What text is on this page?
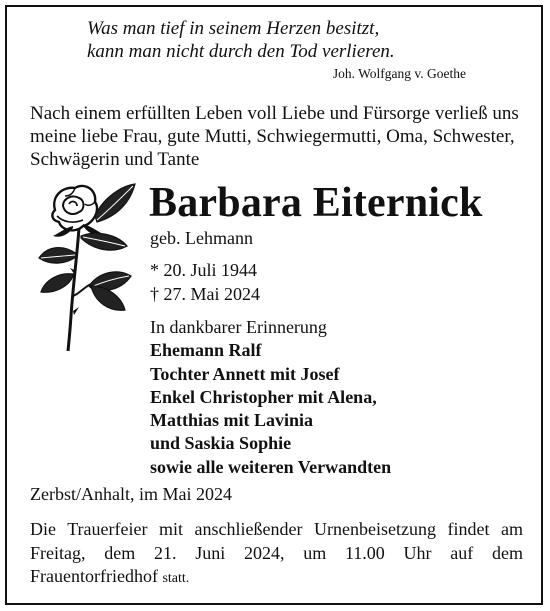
Was man tief in seinem Herzen besitzt,
kann man nicht durch den Tod verlieren.
Joh. Wolfgang v. Goethe
Nach einem erfüllten Leben voll Liebe und Fürsorge verließ uns
meine liebe Frau, gute Mutti, Schwiegermutti, Oma, Schwester,
Schwägerin und Tante
Barbara Eiternick
geb. Lehmann
* 20. Juli 1944
† 27. Mai 2024
In dankbarer Erinnerung
Ehemann Ralf
Tochter Annett mit Josef
Enkel Christopher mit Alena,
Matthias mit Lavinia
und Saskia Sophie
sowie alle weiteren Verwandten
Zerbst/Anhalt, im Mai 2024
Die Trauerfeier mit anschließender Urnenbeisetzung findet am Freitag, dem 21. Juni 2024, um 11.00 Uhr auf dem Frauentorfriedhof statt.
